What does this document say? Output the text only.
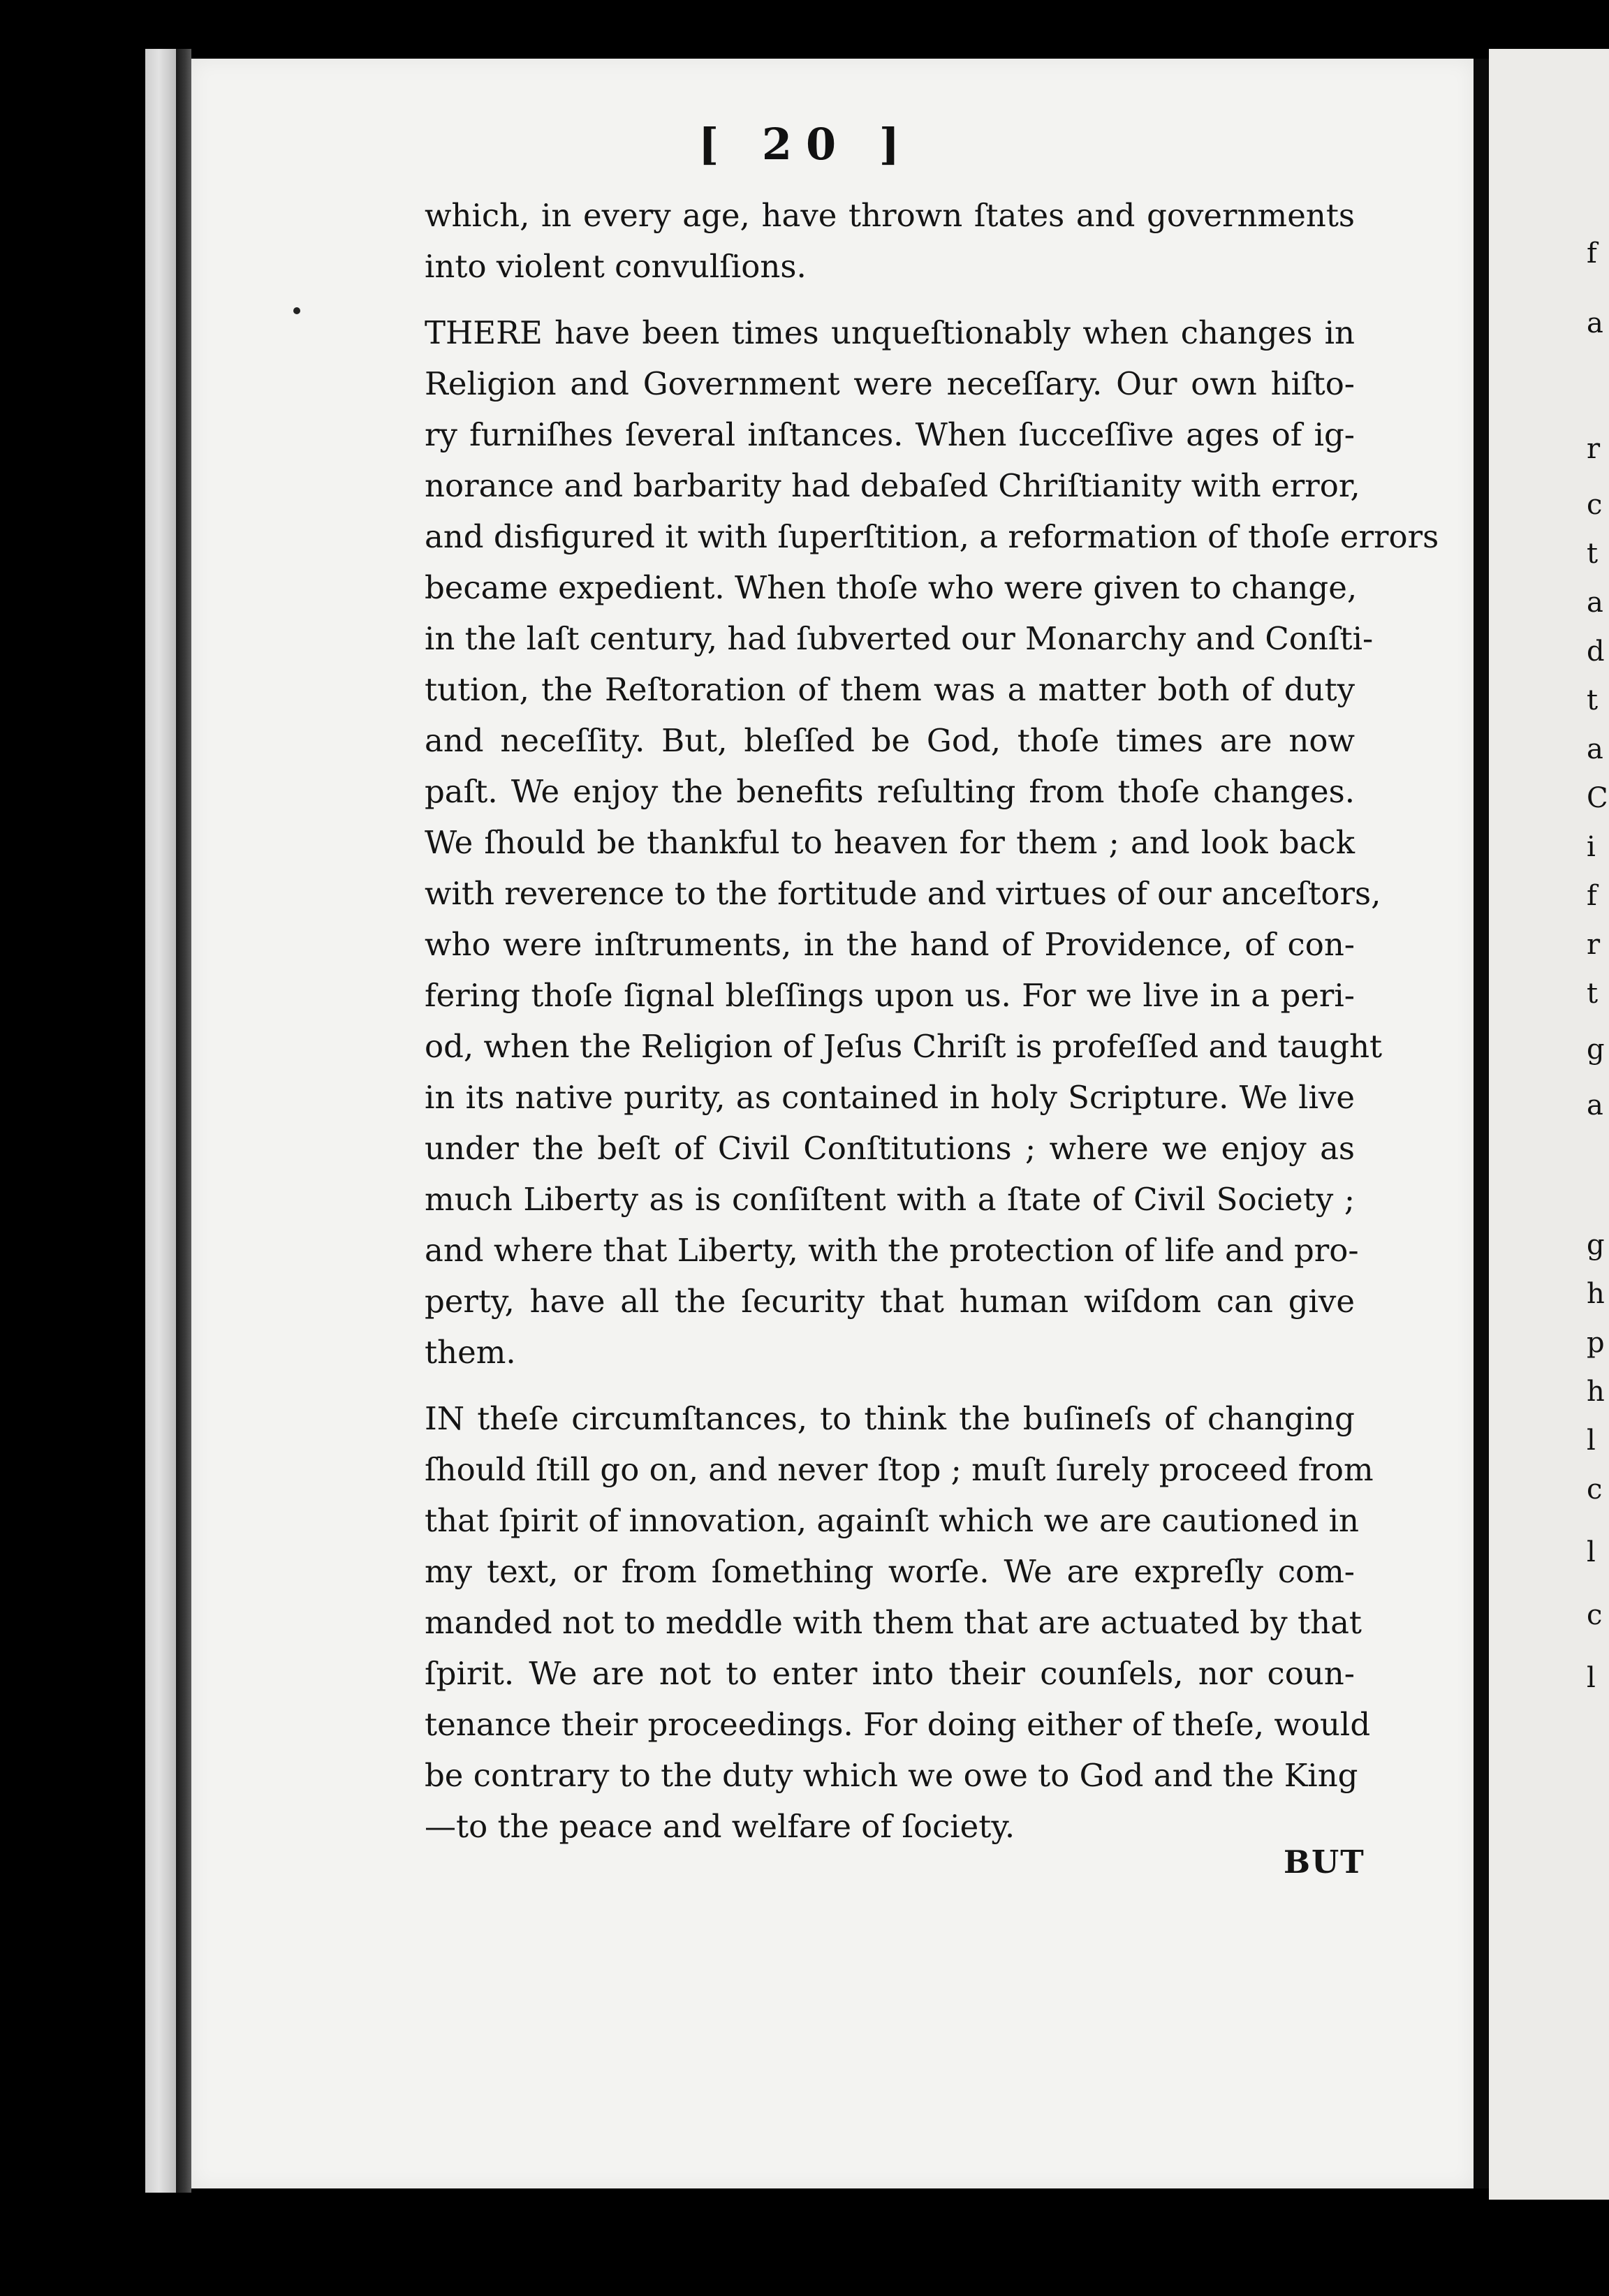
f
a
r
c
t
a
d
t
a
C
i
f
r
t
g
a
g
h
p
h
l
c
l
c
l
[ 20 ]
which, in every age, have thrown ſtates and governments
into violent convulſions.
THERE have been times unqueſtionably when changes in
Religion and Government were neceſſary. Our own hiſto-
ry furniſhes ſeveral inſtances. When ſucceſſive ages of ig-
norance and barbarity had debaſed Chriſtianity with error,
and disfigured it with ſuperſtition, a reformation of thoſe errors
became expedient. When thoſe who were given to change,
in the laſt century, had ſubverted our Monarchy and Conſti-
tution, the Reſtoration of them was a matter both of duty
and neceſſity. But, bleſſed be God, thoſe times are now
paſt. We enjoy the benefits reſulting from thoſe changes.
We ſhould be thankful to heaven for them ; and look back
with reverence to the fortitude and virtues of our anceſtors,
who were inſtruments, in the hand of Providence, of con-
fering thoſe ſignal bleſſings upon us. For we live in a peri-
od, when the Religion of Jeſus Chriſt is profeſſed and taught
in its native purity, as contained in holy Scripture. We live
under the beſt of Civil Conſtitutions ; where we enjoy as
much Liberty as is conſiſtent with a ſtate of Civil Society ;
and where that Liberty, with the protection of life and pro-
perty, have all the ſecurity that human wiſdom can give
them.
IN theſe circumſtances, to think the buſineſs of changing
ſhould ſtill go on, and never ſtop ; muſt ſurely proceed from
that ſpirit of innovation, againſt which we are cautioned in
my text, or from ſomething worſe. We are expreſly com-
manded not to meddle with them that are actuated by that
ſpirit. We are not to enter into their counſels, nor coun-
tenance their proceedings. For doing either of theſe, would
be contrary to the duty which we owe to God and the King
—to the peace and welfare of ſociety.
BUT
